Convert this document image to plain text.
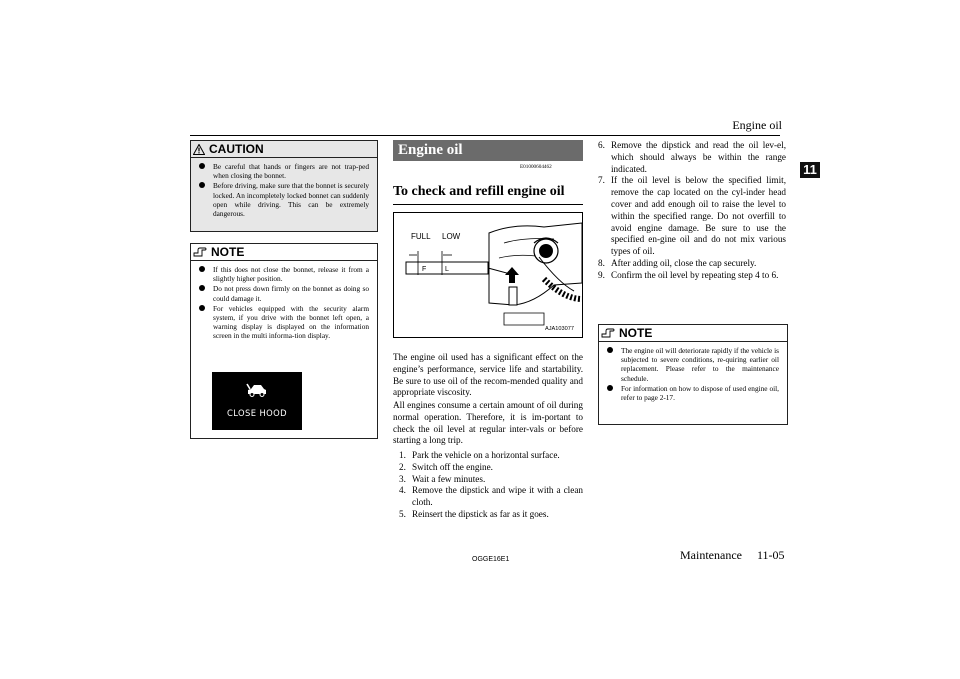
Engine oil
11
CAUTION
Be careful that hands or fingers are not trap-ped when closing the bonnet.
Before driving, make sure that the bonnet is securely locked. An incompletely locked bonnet can suddenly open while driving. This can be extremely dangerous.
NOTE
If this does not close the bonnet, release it from a slightly higher position.
Do not press down firmly on the bonnet as doing so could damage it.
For vehicles equipped with the security alarm system, if you drive with the bonnet left open, a warning display is displayed on the information screen in the multi informa-tion display.
CLOSE HOOD
Engine oil
E01000604462
To check and refill engine oil
F	L
FULL LOW
AJA103077
The engine oil used has a significant effect on the engine’s performance, service life and startability. Be sure to use oil of the recom-mended quality and appropriate viscosity.
All engines consume a certain amount of oil during normal operation. Therefore, it is im-portant to check the oil level at regular inter-vals or before starting a long trip.
1. Park the vehicle on a horizontal surface.
2. Switch off the engine.
3. Wait a few minutes.
4. Remove the dipstick and wipe it with a clean cloth.
5. Reinsert the dipstick as far as it goes.
6. Remove the dipstick and read the oil lev-el, which should always be within the range indicated.
7. If the oil level is below the specified limit, remove the cap located on the cyl-inder head cover and add enough oil to raise the level to within the specified range. Do not overfill to avoid engine damage. Be sure to use the specified en-gine oil and do not mix various types of oil.
8. After adding oil, close the cap securely.
9. Confirm the oil level by repeating step 4 to 6.
NOTE
The engine oil will deteriorate rapidly if the vehicle is subjected to severe conditions, re-quiring earlier oil replacement. Please refer to the maintenance schedule.
For information on how to dispose of used engine oil, refer to page 2-17.
OGGE16E1	Maintenance 11-05
